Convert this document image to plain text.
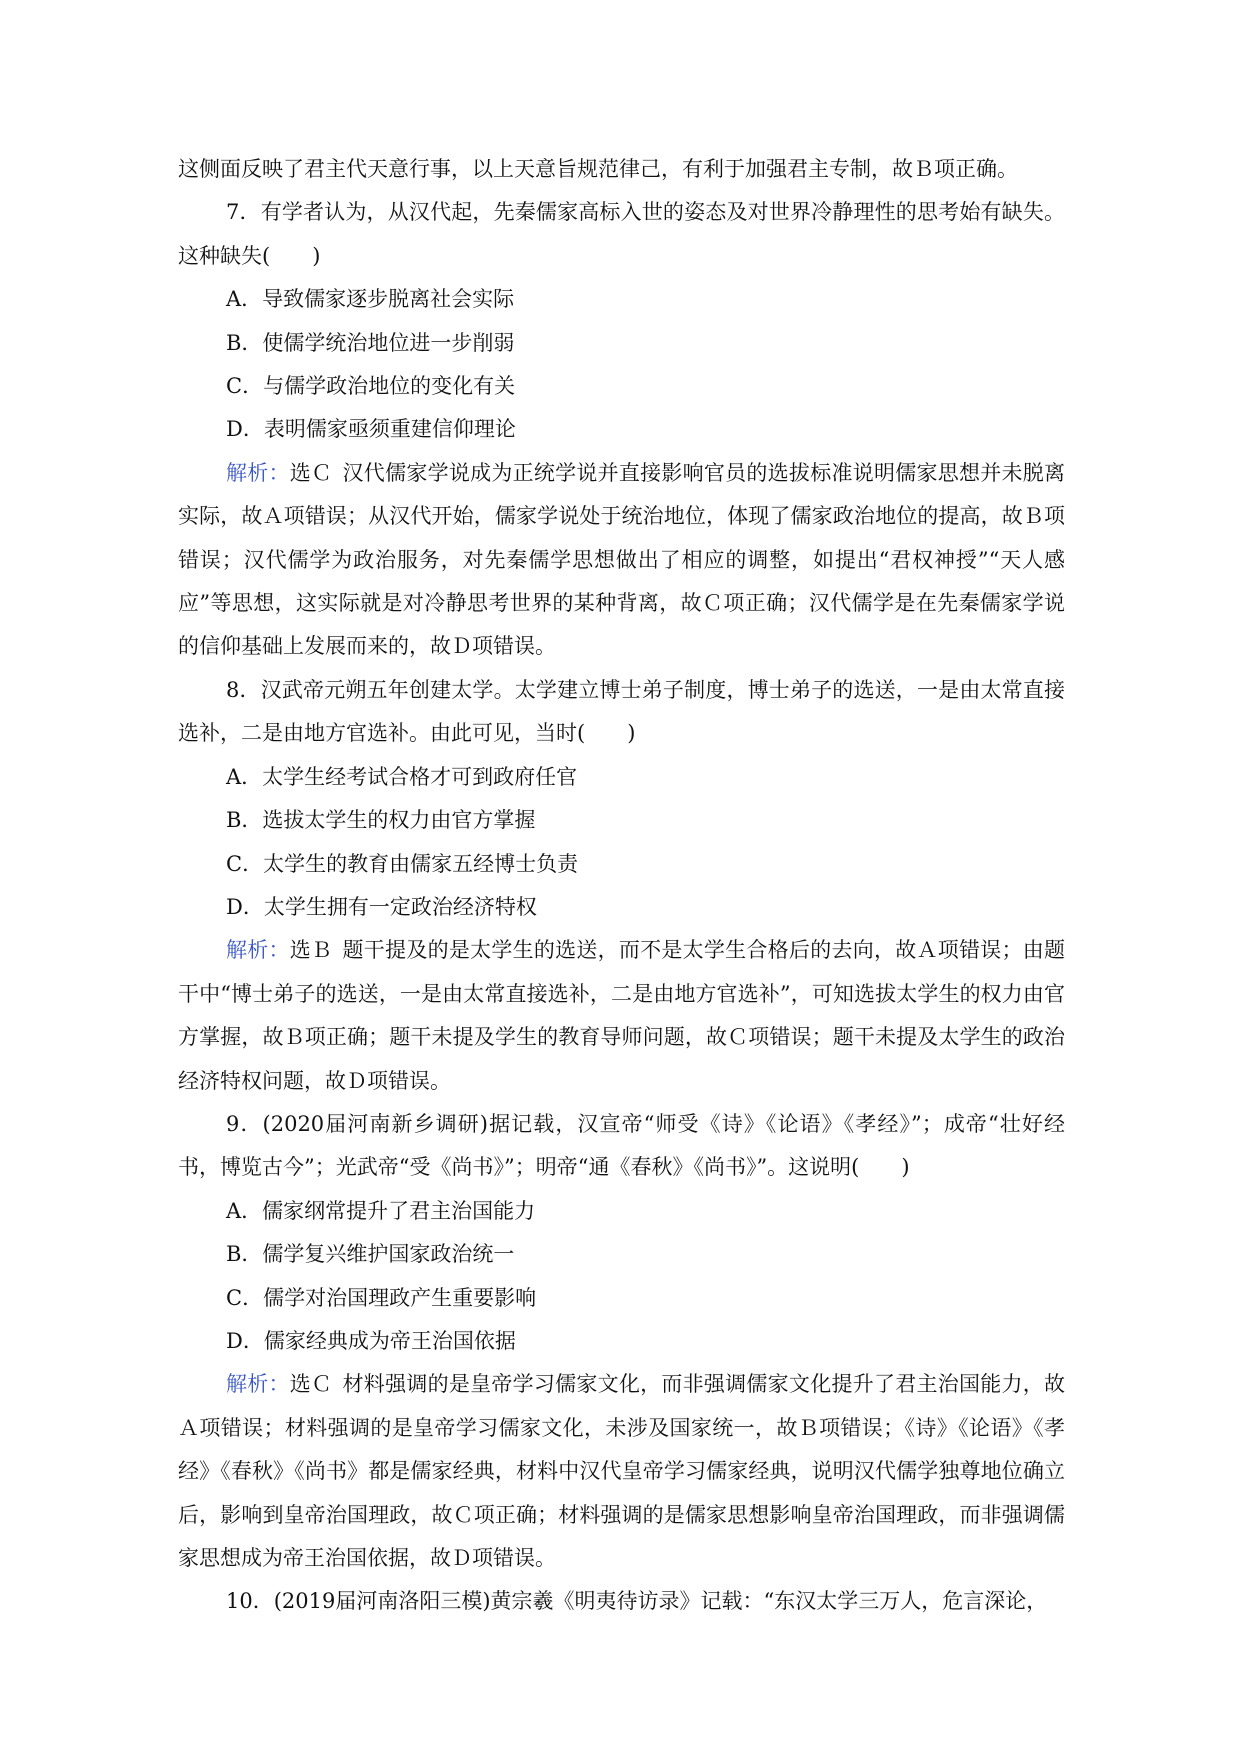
这侧面反映了君主代天意行事，以上天意旨规范律己，有利于加强君主专制，故Ｂ项正确。

7．有学者认为，从汉代起，先秦儒家高标入世的姿态及对世界冷静理性的思考始有缺失。这种缺失(　　)

A．导致儒家逐步脱离社会实际

B．使儒学统治地位进一步削弱

C．与儒学政治地位的变化有关

D．表明儒家亟须重建信仰理论

解析：选Ｃ 汉代儒家学说成为正统学说并直接影响官员的选拔标准说明儒家思想并未脱离实际，故Ａ项错误；从汉代开始，儒家学说处于统治地位，体现了儒家政治地位的提高，故Ｂ项错误；汉代儒学为政治服务，对先秦儒学思想做出了相应的调整，如提出“君权神授”“天人感应”等思想，这实际就是对冷静思考世界的某种背离，故Ｃ项正确；汉代儒学是在先秦儒家学说的信仰基础上发展而来的，故Ｄ项错误。

8．汉武帝元朔五年创建太学。太学建立博士弟子制度，博士弟子的选送，一是由太常直接选补，二是由地方官选补。由此可见，当时(　　)

A．太学生经考试合格才可到政府任官

B．选拔太学生的权力由官方掌握

C．太学生的教育由儒家五经博士负责

D．太学生拥有一定政治经济特权

解析：选Ｂ 题干提及的是太学生的选送，而不是太学生合格后的去向，故Ａ项错误；由题干中“博士弟子的选送，一是由太常直接选补，二是由地方官选补”，可知选拔太学生的权力由官方掌握，故Ｂ项正确；题干未提及学生的教育导师问题，故Ｃ项错误；题干未提及太学生的政治经济特权问题，故Ｄ项错误。

9．(2020届河南新乡调研)据记载，汉宣帝“师受《诗》《论语》《孝经》”；成帝“壮好经书，博览古今”；光武帝“受《尚书》”；明帝“通《春秋》《尚书》”。这说明(　　)

A．儒家纲常提升了君主治国能力

B．儒学复兴维护国家政治统一

C．儒学对治国理政产生重要影响

D．儒家经典成为帝王治国依据

解析：选Ｃ 材料强调的是皇帝学习儒家文化，而非强调儒家文化提升了君主治国能力，故Ａ项错误；材料强调的是皇帝学习儒家文化，未涉及国家统一，故Ｂ项错误；《诗》《论语》《孝经》《春秋》《尚书》都是儒家经典，材料中汉代皇帝学习儒家经典，说明汉代儒学独尊地位确立后，影响到皇帝治国理政，故Ｃ项正确；材料强调的是儒家思想影响皇帝治国理政，而非强调儒家思想成为帝王治国依据，故Ｄ项错误。

10．(2019届河南洛阳三模)黄宗羲《明夷待访录》记载：“东汉太学三万人，危言深论，
